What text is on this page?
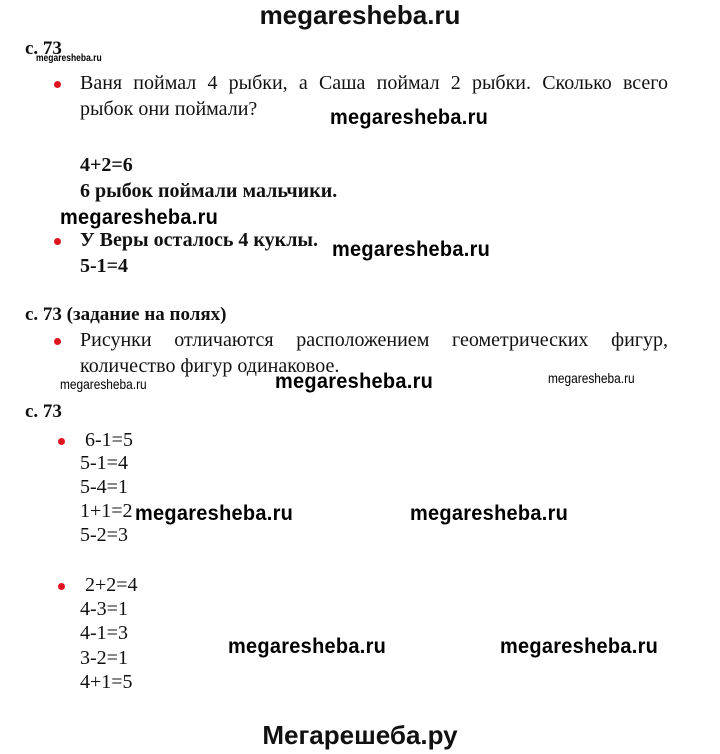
megaresheba.ru
с. 73
megaresheba.ru
Ваня поймал 4 рыбки, а Саша поймал 2 рыбки. Сколько всего
рыбок они поймали?	megaresheba.ru
4+2=6
6 рыбок поймали мальчики.
megaresheba.ru
У Веры осталось 4 куклы. megaresheba.ru
5-1=4
с. 73 (задание на полях)
Рисунки отличаются расположением геометрических фигур,
количество фигур одинаковое.
megaresheba.ru	megaresheba.ru	megaresheba.ru
с. 73
6-1=5
5-1=4
5-4=1
1+1=2
5-2=3
megaresheba.ru	megaresheba.ru
2+2=4
4-3=1
4-1=3
3-2=1
4+1=5
megaresheba.ru	megaresheba.ru
Мегарешеба.ру
